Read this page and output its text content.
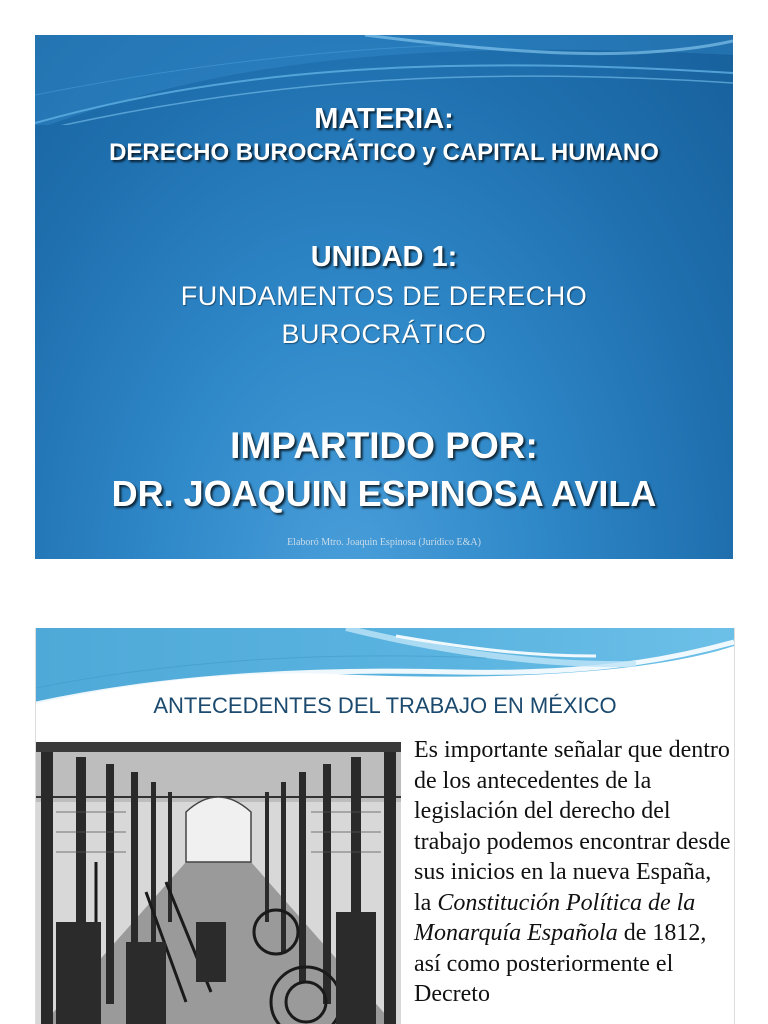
MATERIA:
DERECHO BUROCRÁTICO y CAPITAL HUMANO
UNIDAD 1:
FUNDAMENTOS DE DERECHO
BUROCRÁTICO
IMPARTIDO POR:
DR. JOAQUIN ESPINOSA AVILA
Elaboró Mtro. Joaquin Espinosa (Jurídico E&A)
ANTECEDENTES DEL TRABAJO EN MÉXICO

Es importante señalar que dentro de los antecedentes de la legislación del derecho del trabajo podemos encontrar desde sus inicios en la nueva España, la Constitución Política de la Monarquía Española de 1812, así como posteriormente el Decreto
